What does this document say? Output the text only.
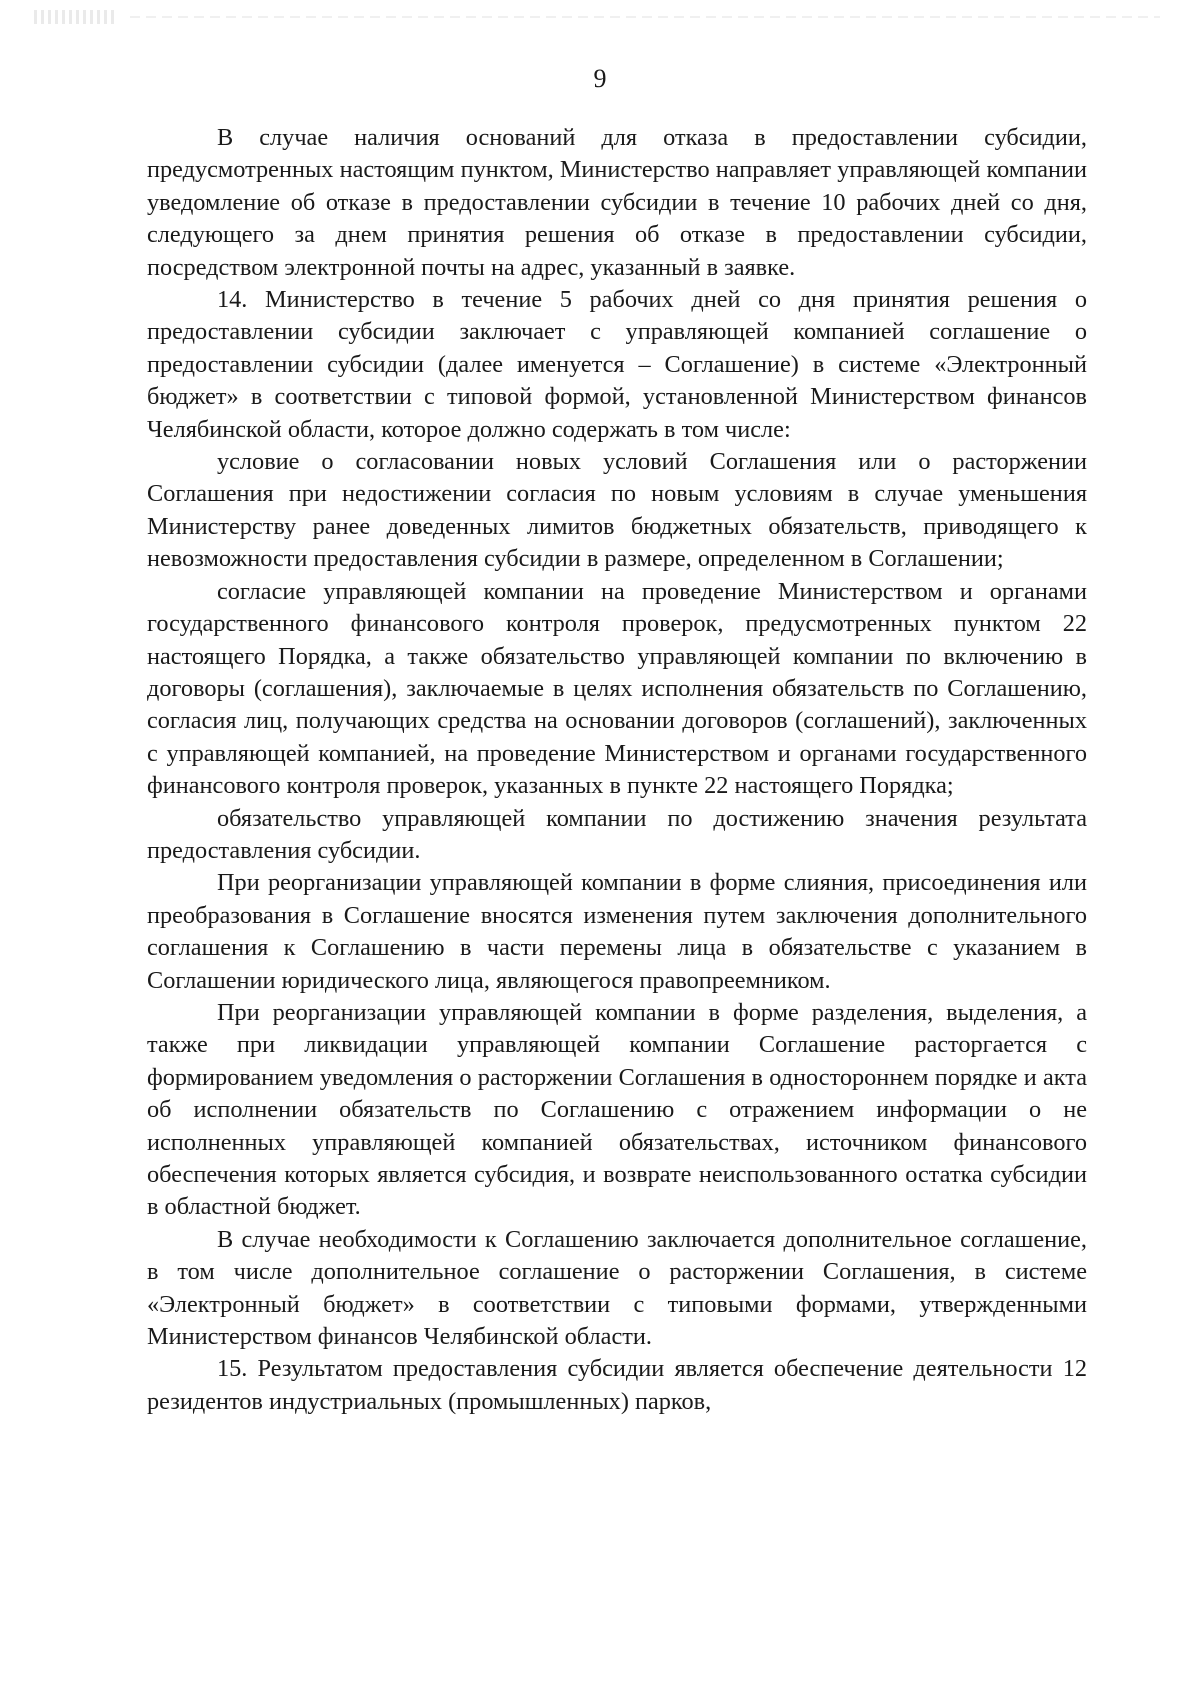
9

В случае наличия оснований для отказа в предоставлении субсидии, предусмотренных настоящим пунктом, Министерство направляет управляющей компании уведомление об отказе в предоставлении субсидии в течение 10 рабочих дней со дня, следующего за днем принятия решения об отказе в предоставлении субсидии, посредством электронной почты на адрес, указанный в заявке.

14. Министерство в течение 5 рабочих дней со дня принятия решения о предоставлении субсидии заключает с управляющей компанией соглашение о предоставлении субсидии (далее именуется – Соглашение) в системе «Электронный бюджет» в соответствии с типовой формой, установленной Министерством финансов Челябинской области, которое должно содержать в том числе:

условие о согласовании новых условий Соглашения или о расторжении Соглашения при недостижении согласия по новым условиям в случае уменьшения Министерству ранее доведенных лимитов бюджетных обязательств, приводящего к невозможности предоставления субсидии в размере, определенном в Соглашении;

согласие управляющей компании на проведение Министерством и органами государственного финансового контроля проверок, предусмотренных пунктом 22 настоящего Порядка, а также обязательство управляющей компании по включению в договоры (соглашения), заключаемые в целях исполнения обязательств по Соглашению, согласия лиц, получающих средства на основании договоров (соглашений), заключенных с управляющей компанией, на проведение Министерством и органами государственного финансового контроля проверок, указанных в пункте 22 настоящего Порядка;

обязательство управляющей компании по достижению значения результата предоставления субсидии.

При реорганизации управляющей компании в форме слияния, присоединения или преобразования в Соглашение вносятся изменения путем заключения дополнительного соглашения к Соглашению в части перемены лица в обязательстве с указанием в Соглашении юридического лица, являющегося правопреемником.

При реорганизации управляющей компании в форме разделения, выделения, а также при ликвидации управляющей компании Соглашение расторгается с формированием уведомления о расторжении Соглашения в одностороннем порядке и акта об исполнении обязательств по Соглашению с отражением информации о не исполненных управляющей компанией обязательствах, источником финансового обеспечения которых является субсидия, и возврате неиспользованного остатка субсидии в областной бюджет.

В случае необходимости к Соглашению заключается дополнительное соглашение, в том числе дополнительное соглашение о расторжении Соглашения, в системе «Электронный бюджет» в соответствии с типовыми формами, утвержденными Министерством финансов Челябинской области.

15. Результатом предоставления субсидии является обеспечение деятельности 12 резидентов индустриальных (промышленных) парков,
